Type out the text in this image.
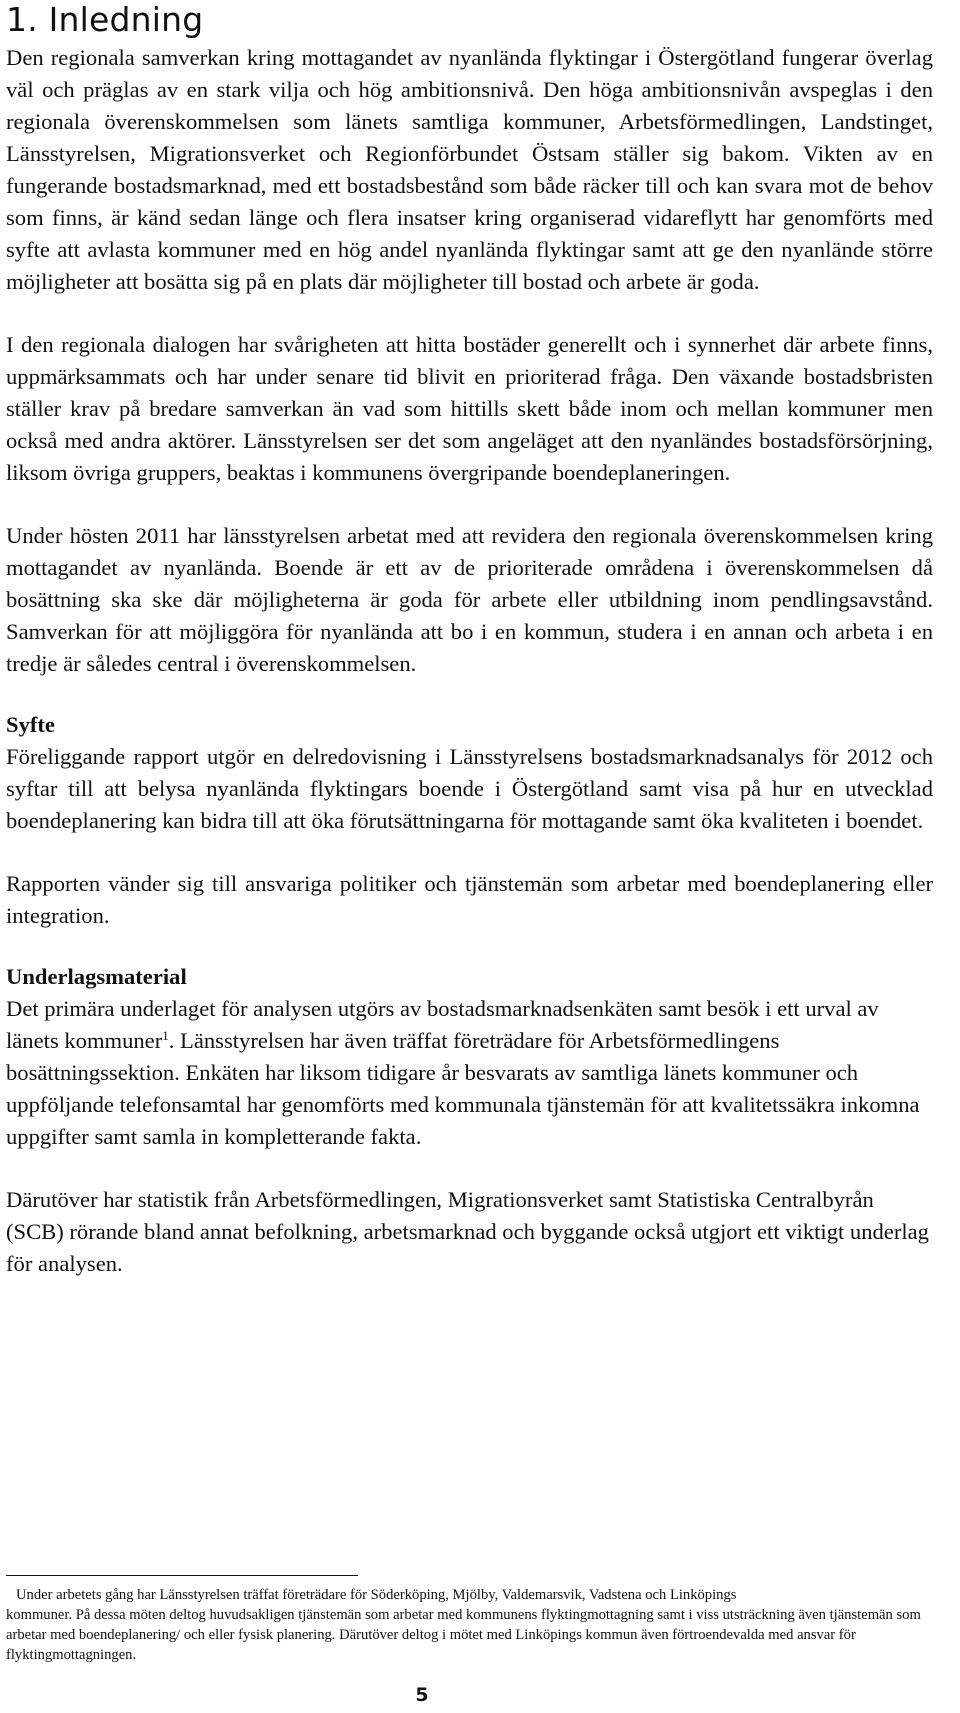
1. Inledning

Den regionala samverkan kring mottagandet av nyanlända flyktingar i Östergötland fungerar överlag väl och präglas av en stark vilja och hög ambitionsnivå. Den höga ambitionsnivån avspeglas i den regionala överenskommelsen som länets samtliga kommuner, Arbetsförmedlingen, Landstinget, Länsstyrelsen, Migrationsverket och Regionförbundet Östsam ställer sig bakom. Vikten av en fungerande bostadsmarknad, med ett bostadsbestånd som både räcker till och kan svara mot de behov som finns, är känd sedan länge och flera insatser kring organiserad vidareflytt har genomförts med syfte att avlasta kommuner med en hög andel nyanlända flyktingar samt att ge den nyanlände större möjligheter att bosätta sig på en plats där möjligheter till bostad och arbete är goda.

I den regionala dialogen har svårigheten att hitta bostäder generellt och i synnerhet där arbete finns, uppmärksammats och har under senare tid blivit en prioriterad fråga. Den växande bostadsbristen ställer krav på bredare samverkan än vad som hittills skett både inom och mellan kommuner men också med andra aktörer. Länsstyrelsen ser det som angeläget att den nyanländes bostadsförsörjning, liksom övriga gruppers, beaktas i kommunens övergripande boendeplaneringen.

Under hösten 2011 har länsstyrelsen arbetat med att revidera den regionala överenskommelsen kring mottagandet av nyanlända. Boende är ett av de prioriterade områdena i överenskommelsen då bosättning ska ske där möjligheterna är goda för arbete eller utbildning inom pendlingsavstånd. Samverkan för att möjliggöra för nyanlända att bo i en kommun, studera i en annan och arbeta i en tredje är således central i överenskommelsen.

Syfte

Föreliggande rapport utgör en delredovisning i Länsstyrelsens bostadsmarknadsanalys för 2012 och syftar till att belysa nyanlända flyktingars boende i Östergötland samt visa på hur en utvecklad boendeplanering kan bidra till att öka förutsättningarna för mottagande samt öka kvaliteten i boendet.

Rapporten vänder sig till ansvariga politiker och tjänstemän som arbetar med boendeplanering eller integration.

Underlagsmaterial

Det primära underlaget för analysen utgörs av bostadsmarknadsenkäten samt besök i ett urval av länets kommuner$^1$. Länsstyrelsen har även träffat företrädare för Arbetsförmedlingens bosättningssektion. Enkäten har liksom tidigare år besvarats av samtliga länets kommuner och uppföljande telefonsamtal har genomförts med kommunala tjänstemän för att kvalitetssäkra inkomna uppgifter samt samla in kompletterande fakta.

Därutöver har statistik från Arbetsförmedlingen, Migrationsverket samt Statistiska Centralbyrån (SCB) rörande bland annat befolkning, arbetsmarknad och byggande också utgjort ett viktigt underlag för analysen.

Under arbetets gång har Länsstyrelsen träffat företrädare för Söderköping, Mjölby, Valdemarsvik, Vadstena och Linköpings
kommuner. På dessa möten deltog huvudsakligen tjänstemän som arbetar med kommunens flyktingmottagning samt i viss utsträckning även tjänstemän som arbetar med boendeplanering/ och eller fysisk planering. Därutöver deltog i mötet med Linköpings kommun även förtroendevalda med ansvar för flyktingmottagningen.
5
